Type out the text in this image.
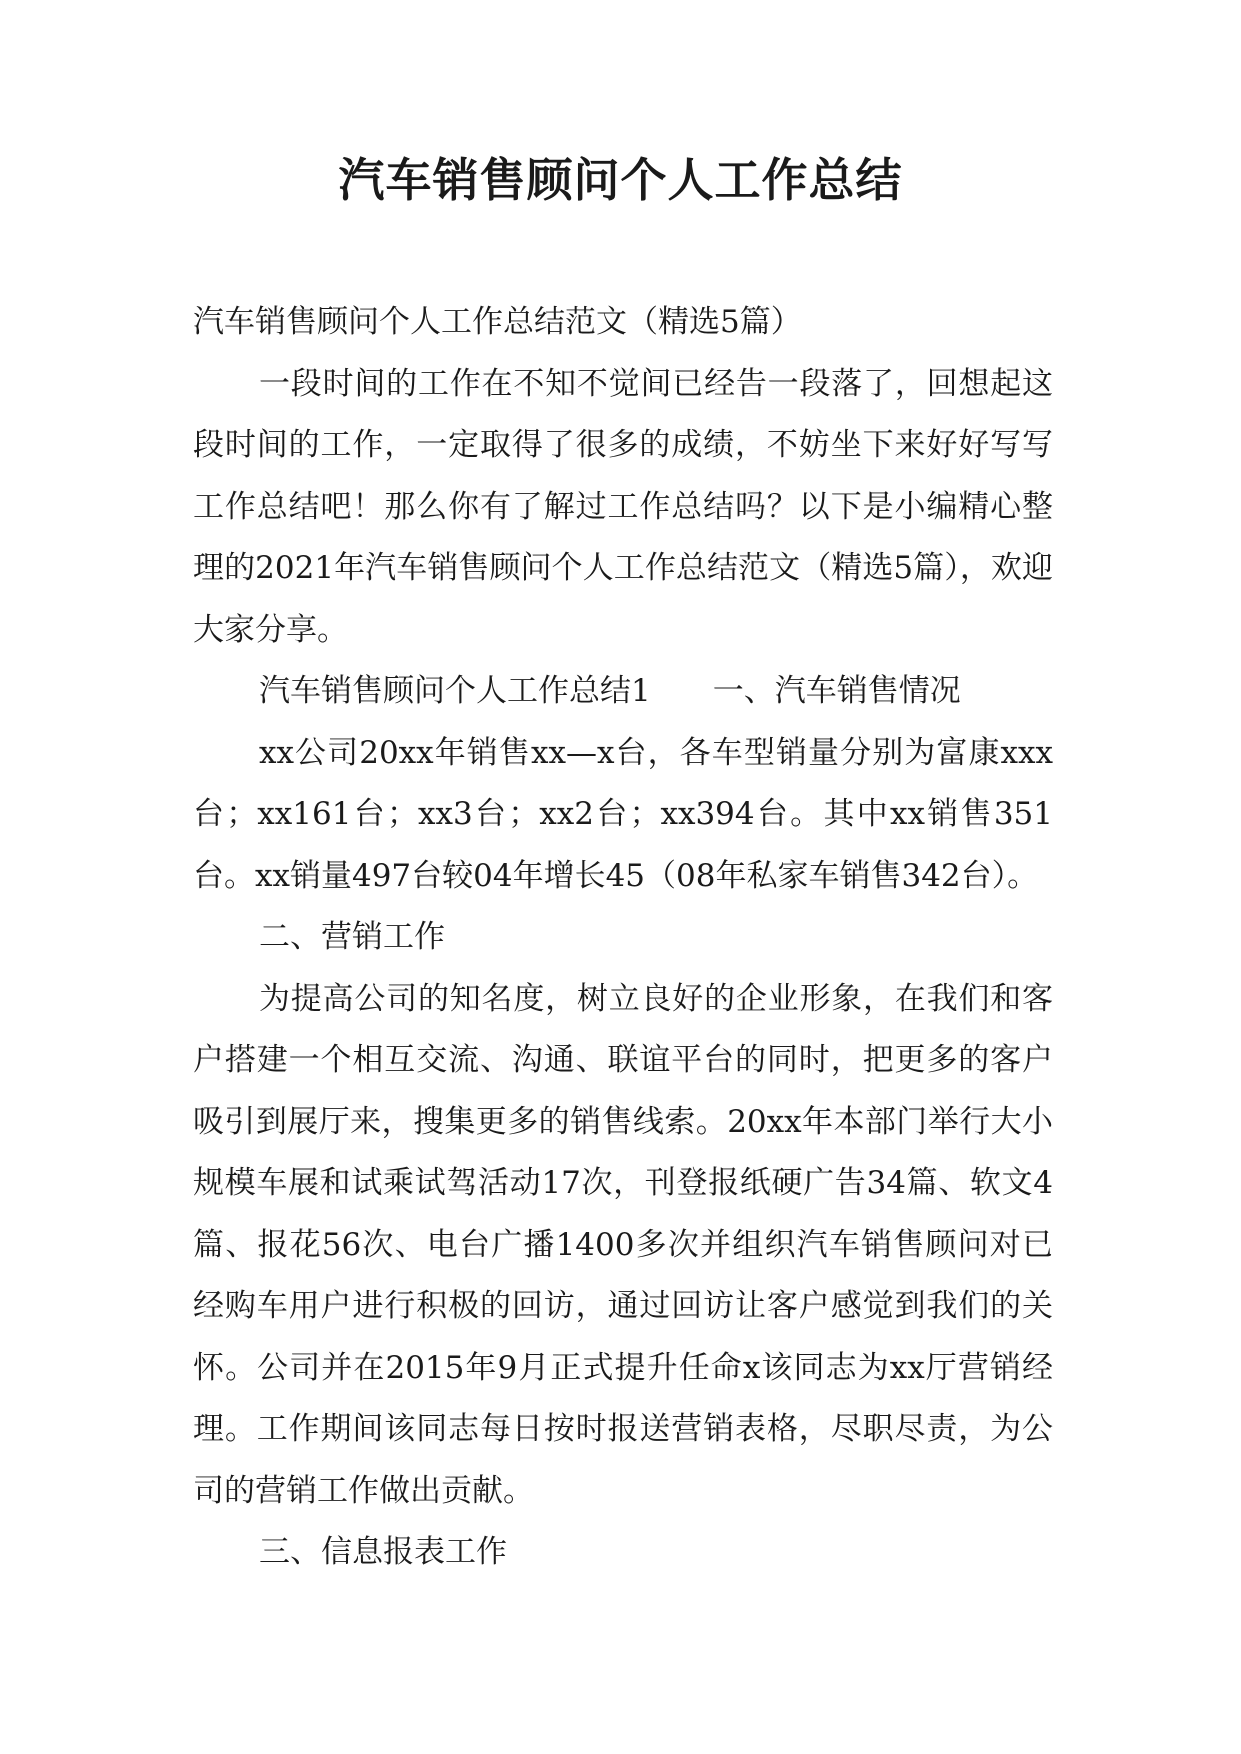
汽车销售顾问个人工作总结

汽车销售顾问个人工作总结范文（精选5篇）

一段时间的工作在不知不觉间已经告一段落了，回想起这段时间的工作，一定取得了很多的成绩，不妨坐下来好好写写工作总结吧！那么你有了解过工作总结吗？以下是小编精心整理的2021年汽车销售顾问个人工作总结范文（精选5篇），欢迎大家分享。

汽车销售顾问个人工作总结1 一、汽车销售情况

xx公司20xx年销售xx—x台，各车型销量分别为富康xxx台；xx161台；xx3台；xx2台；xx394台。其中xx销售351台。xx销量497台较04年增长45（08年私家车销售342台）。

二、营销工作

为提高公司的知名度，树立良好的企业形象，在我们和客户搭建一个相互交流、沟通、联谊平台的同时，把更多的客户吸引到展厅来，搜集更多的销售线索。20xx年本部门举行大小规模车展和试乘试驾活动17次，刊登报纸硬广告34篇、软文4篇、报花56次、电台广播1400多次并组织汽车销售顾问对已经购车用户进行积极的回访，通过回访让客户感觉到我们的关怀。公司并在2015年9月正式提升任命x该同志为xx厅营销经理。工作期间该同志每日按时报送营销表格，尽职尽责，为公司的营销工作做出贡献。

三、信息报表工作
